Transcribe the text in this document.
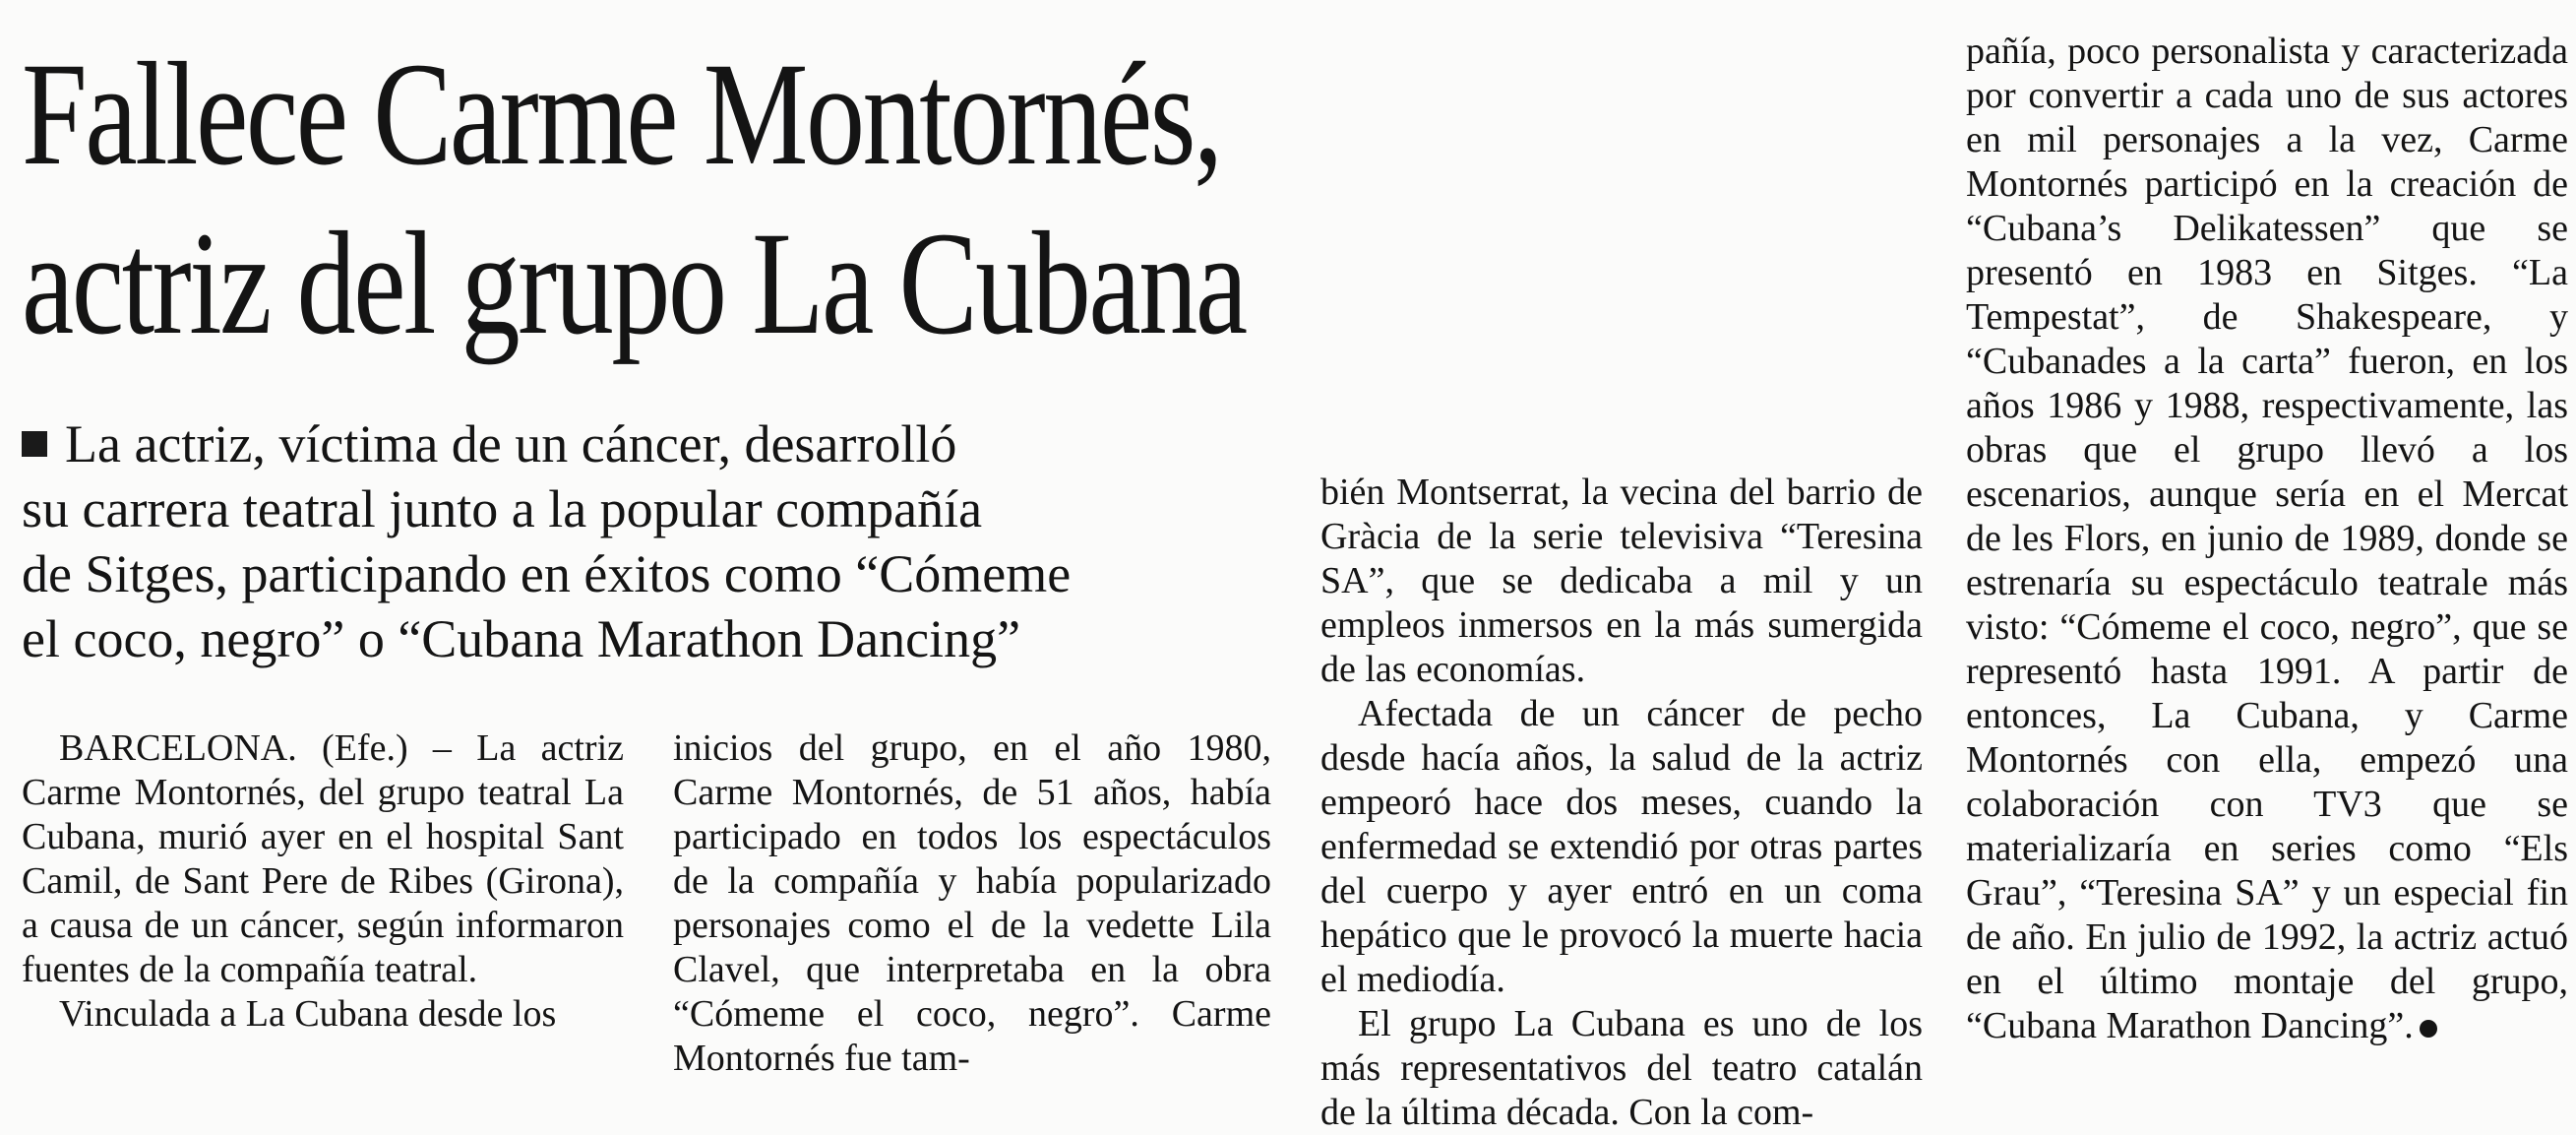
Fallece Carme Montornés,
actriz del grupo La Cubana
La actriz, víctima de un cáncer, desarrolló
su carrera teatral junto a la popular compañía
de Sitges, participando en éxitos como “Cómeme
el coco, negro” o “Cubana Marathon Dancing”

BARCELONA. (Efe.) – La actriz Carme Montornés, del grupo teatral La Cubana, murió ayer en el hospital Sant Camil, de Sant Pere de Ribes (Girona), a causa de un cáncer, según informaron fuentes de la compañía teatral.

Vinculada a La Cubana desde los

inicios del grupo, en el año 1980, Carme Montornés, de 51 años, había participado en todos los espectáculos de la compañía y había popularizado personajes como el de la vedette Lila Clavel, que interpretaba en la obra “Cómeme el coco, negro”. Carme Montornés fue tam-

bién Montserrat, la vecina del barrio de Gràcia de la serie televisiva “Teresina SA”, que se dedicaba a mil y un empleos inmersos en la más sumergida de las economías.

Afectada de un cáncer de pecho desde hacía años, la salud de la actriz empeoró hace dos meses, cuando la enfermedad se extendió por otras partes del cuerpo y ayer entró en un coma hepático que le provocó la muerte hacia el mediodía.

El grupo La Cubana es uno de los más representativos del teatro catalán de la última década. Con la com-

pañía, poco personalista y caracterizada por convertir a cada uno de sus actores en mil personajes a la vez, Carme Montornés participó en la creación de “Cubana’s Delikatessen” que se presentó en 1983 en Sitges. “La Tempestat”, de Shakespeare, y “Cubanades a la carta” fueron, en los años 1986 y 1988, respectivamente, las obras que el grupo llevó a los escenarios, aunque sería en el Mercat de les Flors, en junio de 1989, donde se estrenaría su espectáculo teatrale más visto: “Cómeme el coco, negro”, que se representó hasta 1991. A partir de entonces, La Cubana, y Carme Montornés con ella, empezó una colaboración con TV3 que se materializaría en series como “Els Grau”, “Teresina SA” y un especial fin de año. En julio de 1992, la actriz actuó en el último montaje del grupo, “Cubana Marathon Dancing”.
